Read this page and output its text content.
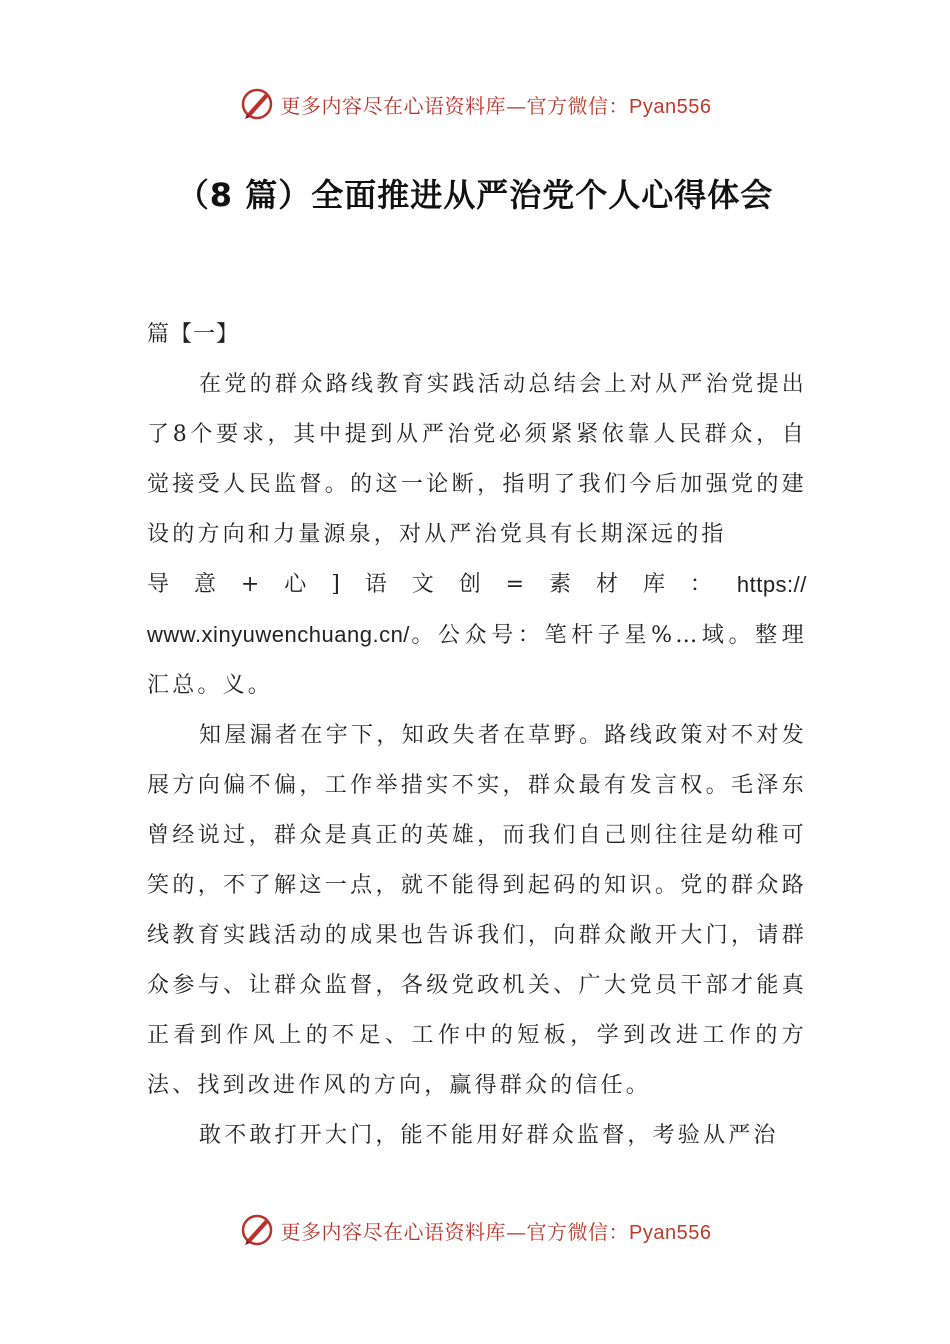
更多内容尽在心语资料库—官方微信：Pyan556
（8 篇）全面推进从严治党个人心得体会

篇【一】

在党的群众路线教育实践活动总结会上对从严治党提出了8个要求，其中提到从严治党必须紧紧依靠人民群众，自觉接受人民监督。的这一论断，指明了我们今后加强党的建设的方向和力量源泉，对从严治党具有长期深远的指

导 意 + 心 ] 语 文 创 = 素 材 库 ： https://

www.xinyuwenchuang.cn/。公众号：笔杆子星%…域。整理汇总。义。

知屋漏者在宇下，知政失者在草野。路线政策对不对发展方向偏不偏，工作举措实不实，群众最有发言权。毛泽东曾经说过，群众是真正的英雄，而我们自己则往往是幼稚可笑的，不了解这一点，就不能得到起码的知识。党的群众路线教育实践活动的成果也告诉我们，向群众敞开大门，请群众参与、让群众监督，各级党政机关、广大党员干部才能真正看到作风上的不足、工作中的短板，学到改进工作的方法、找到改进作风的方向，赢得群众的信任。

敢不敢打开大门，能不能用好群众监督，考验从严治

更多内容尽在心语资料库—官方微信：Pyan556
